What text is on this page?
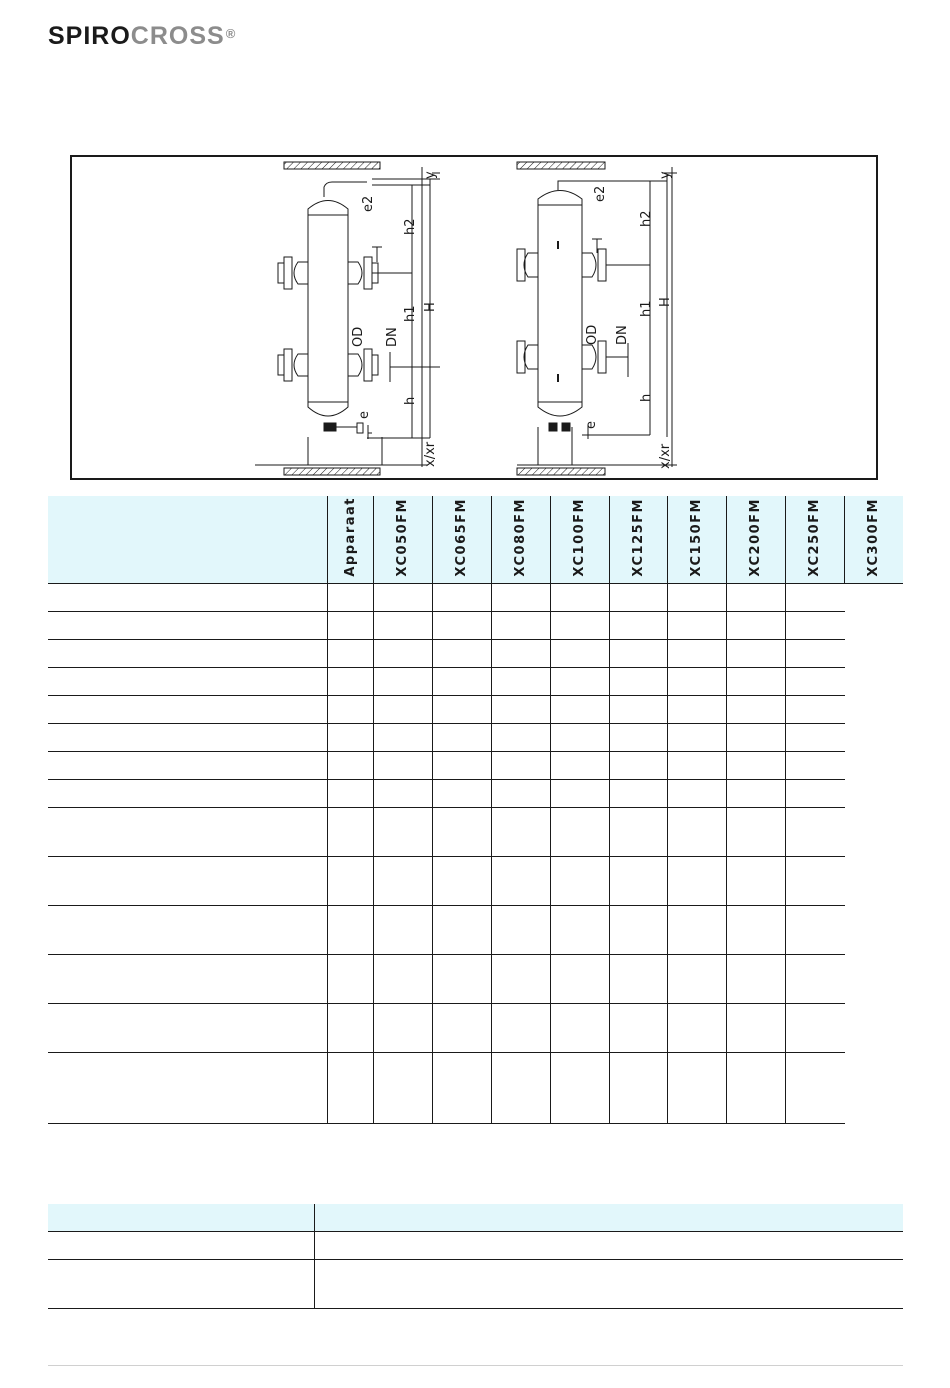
SPIROCROSS®
y
e2
h2
h1 H
OD DN
h
e
x/xr
y
e2
h2
h1 H
OD DN
h
e
x/xr

	Apparaat	XC050FM	XC065FM	XC080FM	XC100FM	XC125FM	XC150FM	XC200FM	XC250FM	XC300FM
